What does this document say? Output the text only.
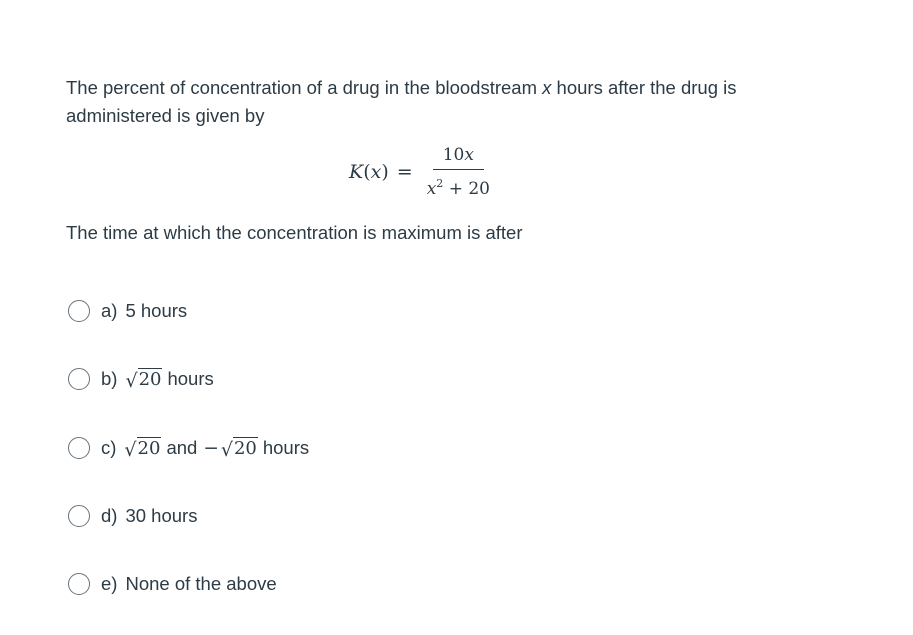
The percent of concentration of a drug in the bloodstream x hours after the drug is administered is given by
$K(x) = \frac{10x}{x^2 + 20}$
The time at which the concentration is maximum is after
a) 5 hours
b) √ 20 hours
c) √ 20 and − √ 20 hours
d) 30 hours
e) None of the above
